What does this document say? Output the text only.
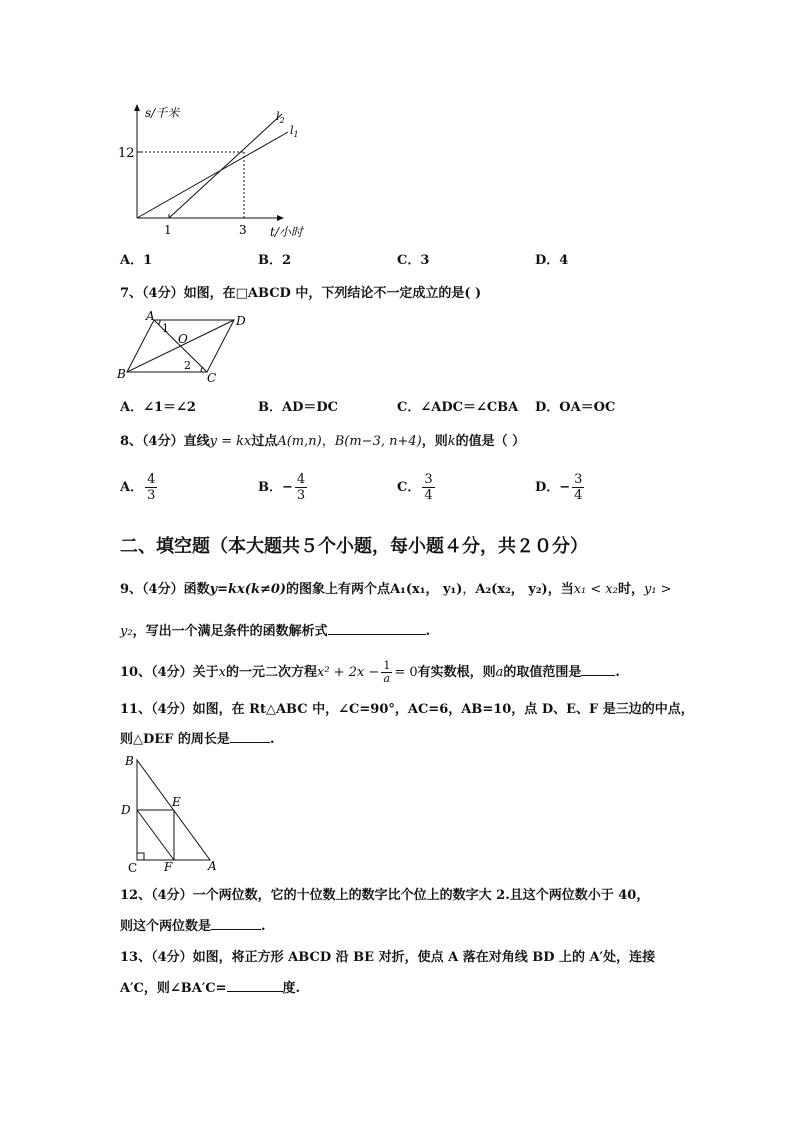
s/千米
12
1	3 t/小时
$l_2$
$l_1$
A．1	B．2	C．3	D．4
7、（4分）如图，在□ABCD 中，下列结论不一定成立的是( )
A	D
B	C
O
1
2
A．∠1＝∠2	B．AD＝DC	C．∠ADC＝∠CBA D．OA＝OC
8、（4分）直线y = kx过点A(m,n)，B(m−3, n+4)，则k的值是（ ）
A． $\frac{4}{3}$	B．− $\frac{4}{3}$	C． $\frac{3}{4}$	D．− $\frac{3}{4}$
二、填空题（本大题共５个小题，每小题４分，共２０分）
9、（4分）函数y=kx(k≠0)的图象上有两个点A₁(x₁， y₁)，A₂(x₂， y₂)，当x₁ < x₂时，y₁ >
y₂，写出一个满足条件的函数解析式	.
10、（4分）关于x的一元二次方程$x^2 + 2x - \frac{1}{a} = 0$有实数根，则a的取值范围是	.
11、（4分）如图，在 Rt△ABC 中，∠C=90°，AC=6，AB=10，点 D、E、F 是三边的中点，
则△DEF 的周长是	.
B
D
E
C F	A
12、（4分）一个两位数，它的十位数上的数字比个位上的数字大 2.且这个两位数小于 40，
则这个两位数是	.
13、（4分）如图，将正方形 ABCD 沿 BE 对折，使点 A 落在对角线 BD 上的 A′处，连接
A′C，则∠BA′C=	度.
